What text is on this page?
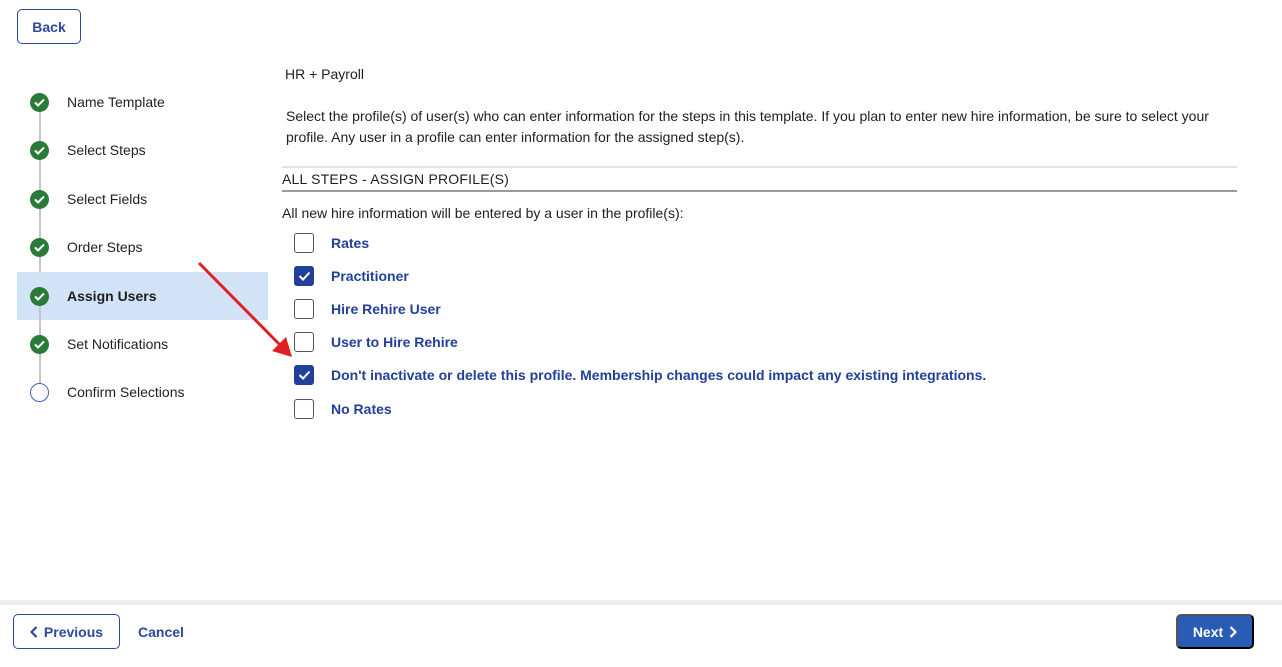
Back
Name Template
Select Steps
Select Fields
Order Steps
Assign Users
Set Notifications
Confirm Selections
HR + Payroll

Select the profile(s) of user(s) who can enter information for the steps in this template. If you plan to enter new hire information, be sure to select your profile. Any user in a profile can enter information for the assigned step(s).

ALL STEPS - ASSIGN PROFILE(S)
All new hire information will be entered by a user in the profile(s):
Rates
Practitioner
Hire Rehire User
User to Hire Rehire
Don't inactivate or delete this profile. Membership changes could impact any existing integrations.
No Rates
Previous Cancel	Next
